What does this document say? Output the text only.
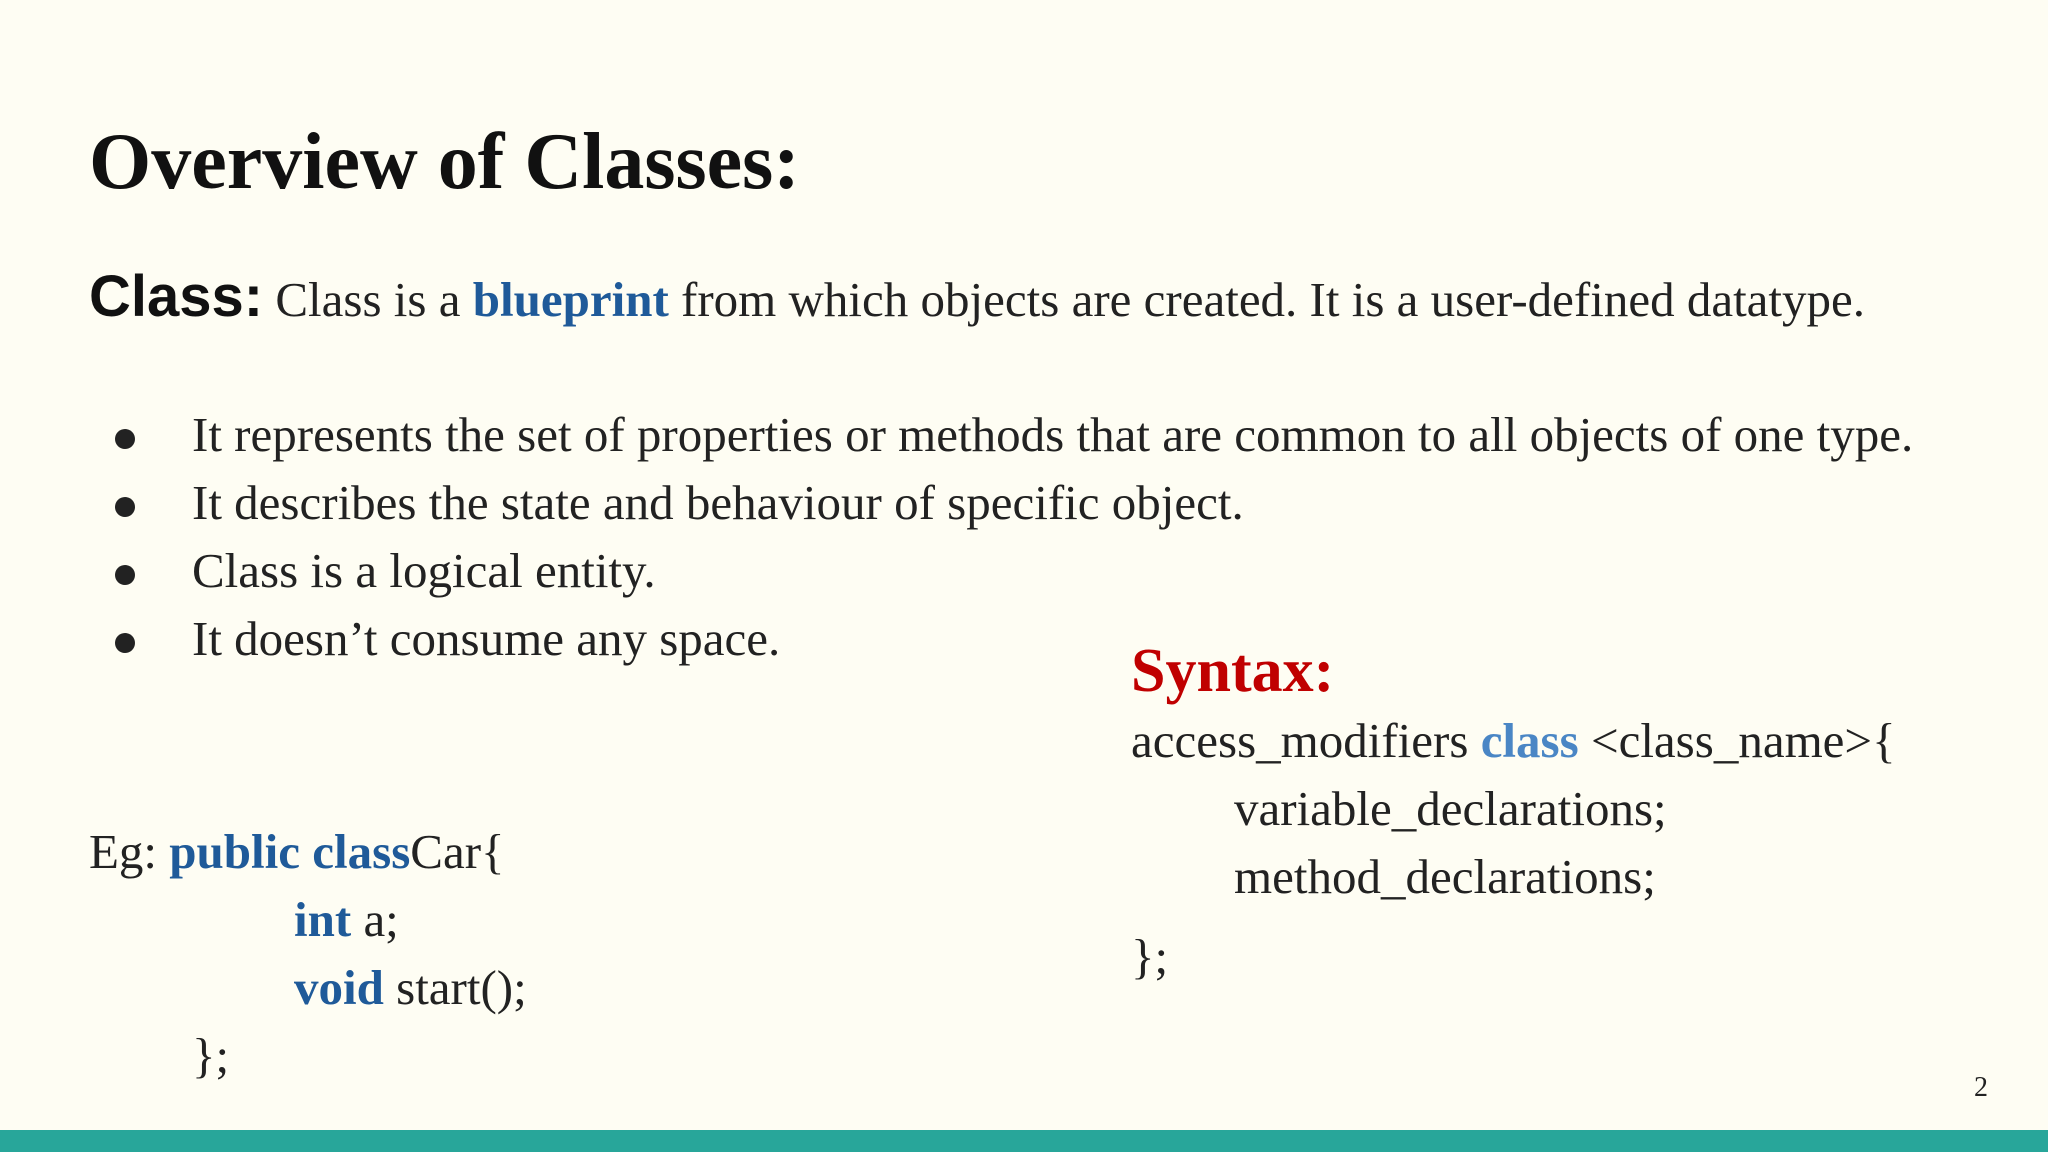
Overview of Classes:

Class: Class is a blueprint from which objects are created. It is a user-defined datatype.

It represents the set of properties or methods that are common to all objects of one type.
It describes the state and behaviour of specific object.
Class is a logical entity.
It doesn’t consume any space.
Eg: public classCar{
int a;
void start();
};
Syntax:
access_modifiers class <class_name>{
variable_declarations;
method_declarations;
};
2
